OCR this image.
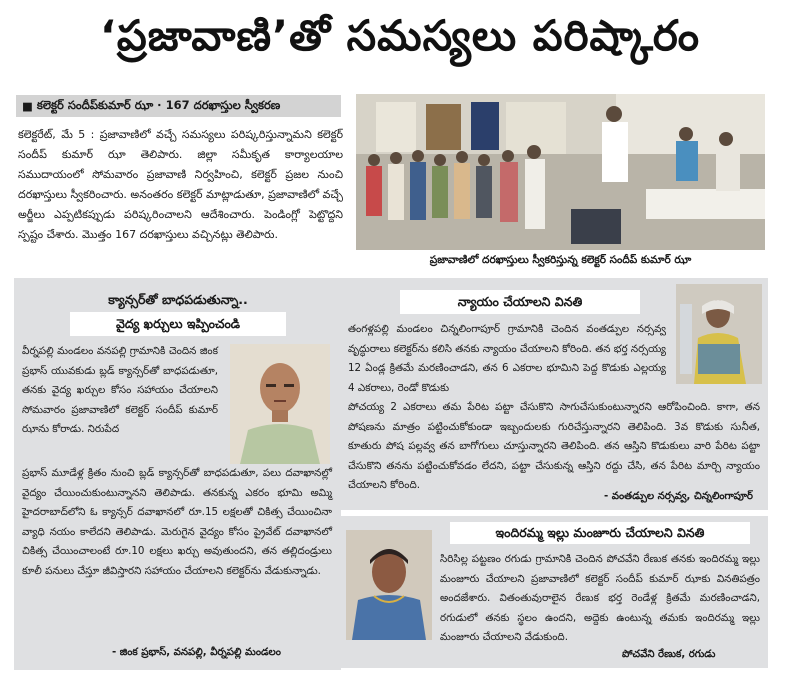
‘ప్రజావాణి’తో సమస్యలు పరిష్కారం
■ కలెక్టర్ సందీప్‌కుమార్ ఝా ∙ 167 దరఖాస్తుల స్వీకరణ
కలెక్టరేట్, మే 5 : ప్రజావాణిలో వచ్చే సమస్యలు పరిష్కరిస్తున్నామని కలెక్టర్ సందీప్ కుమార్ ఝా తెలిపారు. జిల్లా సమీకృత కార్యాలయాల సముదాయంలో సోమవారం ప్రజావాణి నిర్వహించి, కలెక్టర్ ప్రజల నుంచి దరఖాస్తులు స్వీకరించారు. అనంతరం కలెక్టర్ మాట్లాడుతూ, ప్రజావాణిలో వచ్చే అర్జీలు ఎప్పటికప్పుడు పరిష్కరించాలని ఆదేశించారు. పెండింగ్లో పెట్టొద్దని స్పష్టం చేశారు. మొత్తం 167 దరఖాస్తులు వచ్చినట్లు తెలిపారు.
ప్రజావాణిలో దరఖాస్తులు స్వీకరిస్తున్న కలెక్టర్ సందీప్ కుమార్ ఝా
క్యాన్సర్‌తో బాధపడుతున్నా..
వైద్య ఖర్చులు ఇప్పించండి
వీర్నపల్లి మండలం వనపల్లి గ్రామానికి చెందిన జింక ప్రభాస్ యువకుడు బ్లడ్ క్యాన్సర్‌తో బాధపడుతూ, తనకు వైద్య ఖర్చుల కోసం సహాయం చేయాలని సోమవారం ప్రజావాణిలో కలెక్టర్ సందీప్ కుమార్ ఝాను కోరాడు. నిరుపేద
ప్రభాస్ మూడేళ్ల క్రితం నుంచి బ్లడ్ క్యాన్సర్‌తో బాధపడుతూ, పలు దవాఖానల్లో వైద్యం చేయించుకుంటున్నానని తెలిపాడు. తనకున్న ఎకరం భూమి అమ్మి హైదరాబాద్‌లోని ఓ క్యాన్సర్ దవాఖానలో రూ.15 లక్షలతో చికిత్స చేయించినా వ్యాధి నయం కాలేదని తెలిపాడు. మెరుగైన వైద్యం కోసం ప్రైవేట్ దవాఖానలో చికిత్స చేయించాలంటే రూ.10 లక్షలు ఖర్చు అవుతుందని, తన తల్లిదండ్రులు కూలీ పనులు చేస్తూ జీవిస్తారని సహాయం చేయాలని కలెక్టర్‌ను వేడుకున్నాడు.
- జింక ప్రభాస్, వనపల్లి, వీర్నపల్లి మండలం
న్యాయం చేయాలని వినతి
తంగళ్లపల్లి మండలం చిన్నలింగాపూర్ గ్రామానికి చెందిన వంతడ్పుల నర్సవ్వ వృద్ధురాలు కలెక్టర్‌ను కలిసి తనకు న్యాయం చేయాలని కోరింది. తన భర్త నర్సయ్య 12 ఏండ్ల క్రితమే మరణించాడని, తన 6 ఎకరాల భూమిని పెద్ద కొడుకు ఎల్లయ్య 4 ఎకరాలు, రెండో కొడుకు
పోచయ్య 2 ఎకరాలు తమ పేరిట పట్టా చేసుకొని సాగుచేసుకుంటున్నారని ఆరోపించింది. కాగా, తన పోషణను మాత్రం పట్టించుకోకుండా ఇబ్బందులకు గురిచేస్తున్నారని తెలిపింది. 3వ కొడుకు సునీత, కూతురు పోష పల్లవ్వ తన బాగోగులు చూస్తున్నారని తెలిపింది. తన ఆస్తిని కొడుకులు వారి పేరిట పట్టా చేసుకొని తనను పట్టించుకోవడం లేదని, పట్టా చేసుకున్న ఆస్తిని రద్దు చేసి, తన పేరిట మార్చి న్యాయం చేయాలని కోరింది.
- వంతడ్పుల నర్సవ్వ, చిన్నలింగాపూర్
ఇందిరమ్మ ఇల్లు మంజూరు చేయాలని వినతి
సిరిసిల్ల పట్టణం రగుడు గ్రామానికి చెందిన పోచవేని రేణుక తనకు ఇందిరమ్మ ఇల్లు మంజూరు చేయాలని ప్రజావాణిలో కలెక్టర్ సందీప్ కుమార్ ఝాకు వినతిపత్రం అందజేశారు. వితంతువురాలైన రేణుక భర్త రెండేళ్ల క్రితమే మరణించాడని, రగుడులో తనకు స్థలం ఉందని, అద్దెకు ఉంటున్న తమకు ఇందిరమ్మ ఇల్లు మంజూరు చేయాలని వేడుకుంది.
పోచవేని రేణుక, రగుడు
